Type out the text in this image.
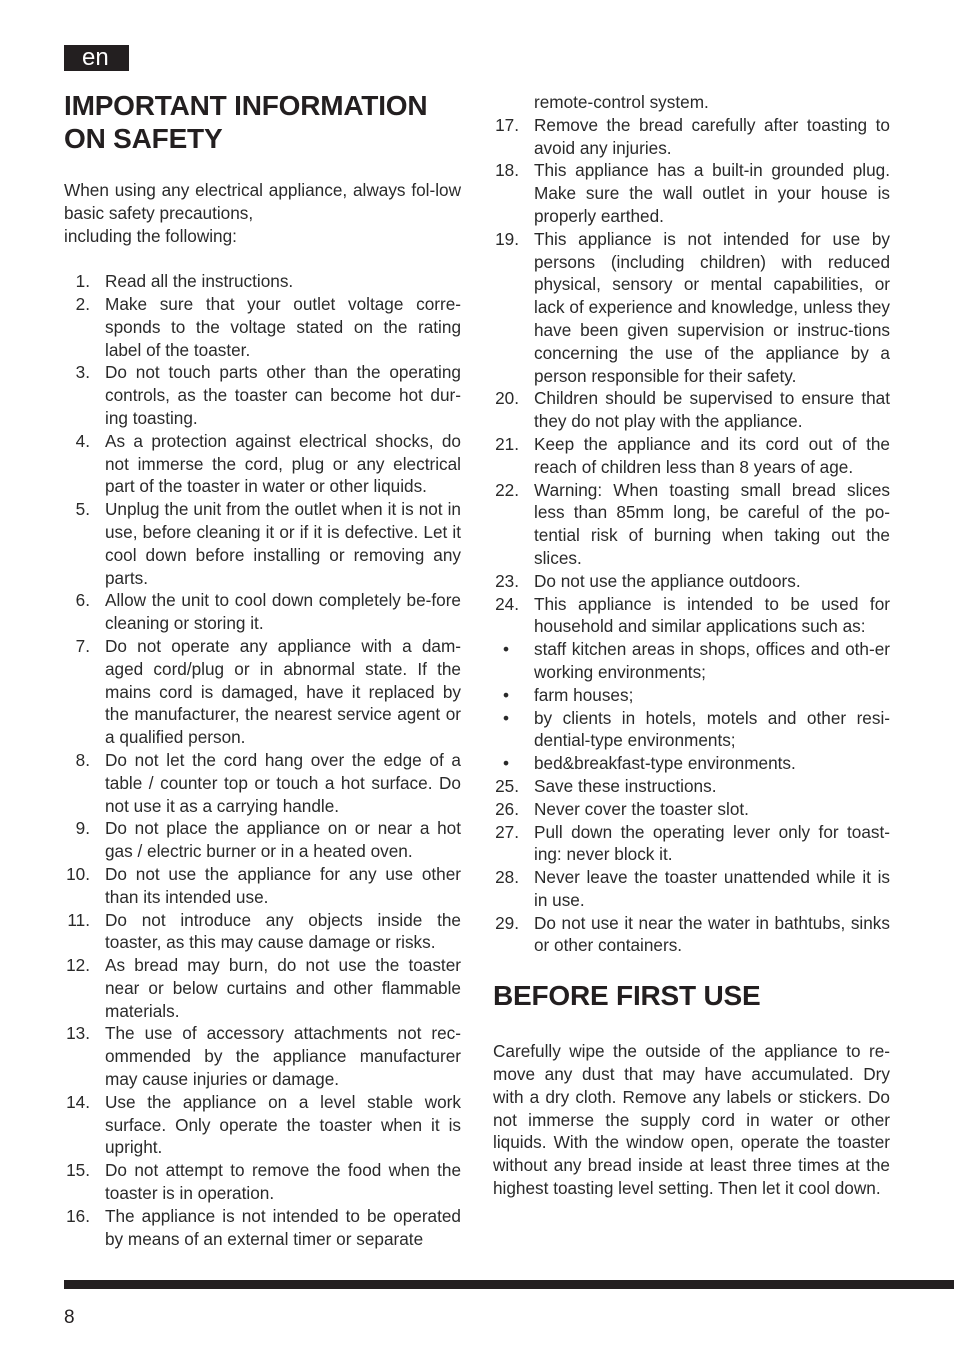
en
IMPORTANT INFORMATION
ON SAFETY

When using any electrical appliance, always fol-low basic safety precautions,

including the following:

1. Read all the instructions.
2. Make sure that your outlet voltage corre-sponds to the voltage stated on the rating label of the toaster.
3. Do not touch parts other than the operating controls, as the toaster can become hot dur-ing toasting.
4. As a protection against electrical shocks, do not immerse the cord, plug or any electrical part of the toaster in water or other liquids.
5. Unplug the unit from the outlet when it is not in use, before cleaning it or if it is defective. Let it cool down before installing or removing any parts.
6. Allow the unit to cool down completely be-fore cleaning or storing it.
7. Do not operate any appliance with a dam-aged cord/plug or in abnormal state. If the mains cord is damaged, have it replaced by the manufacturer, the nearest service agent or a qualified person.
8. Do not let the cord hang over the edge of a table / counter top or touch a hot surface. Do not use it as a carrying handle.
9. Do not place the appliance on or near a hot gas / electric burner or in a heated oven.
10. Do not use the appliance for any use other than its intended use.
11. Do not introduce any objects inside the toaster, as this may cause damage or risks.
12. As bread may burn, do not use the toaster near or below curtains and other flammable materials.
13. The use of accessory attachments not rec-ommended by the appliance manufacturer may cause injuries or damage.
14. Use the appliance on a level stable work surface. Only operate the toaster when it is upright.
15. Do not attempt to remove the food when the toaster is in operation.
16. The appliance is not intended to be operated by means of an external timer or separate
remote-control system.
17. Remove the bread carefully after toasting to avoid any injuries.
18. This appliance has a built-in grounded plug. Make sure the wall outlet in your house is properly earthed.
19. This appliance is not intended for use by persons (including children) with reduced physical, sensory or mental capabilities, or lack of experience and knowledge, unless they have been given supervision or instruc-tions concerning the use of the appliance by a person responsible for their safety.
20. Children should be supervised to ensure that they do not play with the appliance.
21. Keep the appliance and its cord out of the reach of children less than 8 years of age.
22. Warning: When toasting small bread slices less than 85mm long, be careful of the po-tential risk of burning when taking out the slices.
23. Do not use the appliance outdoors.
24. This appliance is intended to be used for household and similar applications such as:
•	staff kitchen areas in shops, offices and oth-er working environments;
•	farm houses;
•	by clients in hotels, motels and other resi-dential-type environments;
•	bed&breakfast-type environments.
25. Save these instructions.
26. Never cover the toaster slot.
27. Pull down the operating lever only for toast-ing: never block it.
28. Never leave the toaster unattended while it is in use.
29. Do not use it near the water in bathtubs, sinks or other containers.
BEFORE FIRST USE
Carefully wipe the outside of the appliance to re-move any dust that may have accumulated. Dry with a dry cloth. Remove any labels or stickers. Do not immerse the supply cord in water or other liquids. With the window open, operate the toaster without any bread inside at least three times at the highest toasting level setting. Then let it cool down.
8
